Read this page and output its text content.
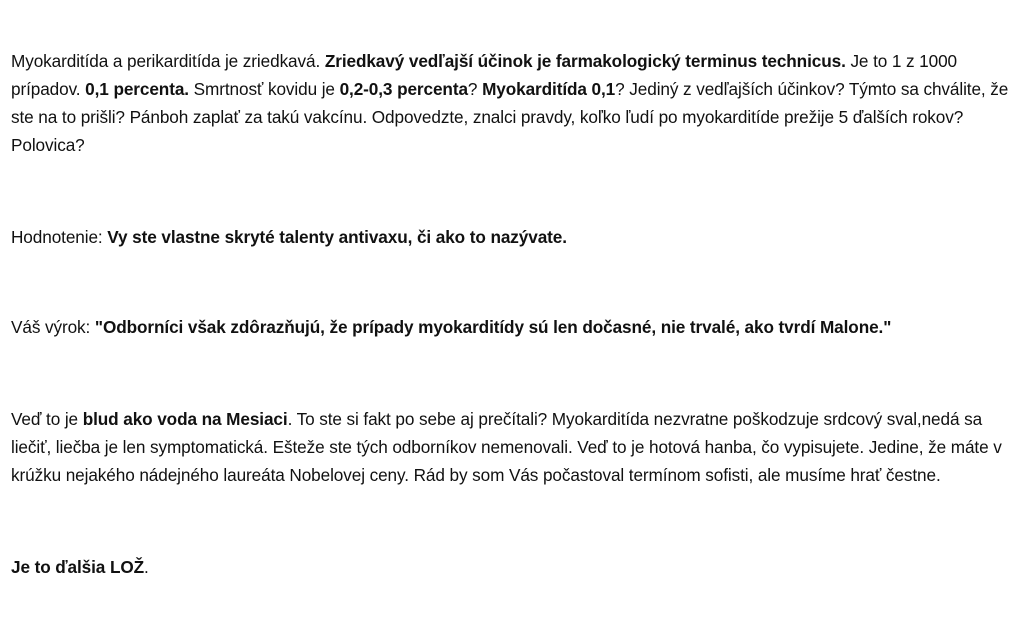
Myokarditída a perikarditída je zriedkavá. Zriedkavý vedľajší účinok je farmakologický terminus technicus. Je to 1 z 1000 prípadov. 0,1 percenta. Smrtnosť kovidu je 0,2-0,3 percenta? Myokarditída 0,1? Jediný z vedľajších účinkov? Týmto sa chválite, že ste na to prišli? Pánboh zaplať za takú vakcínu. Odpovedzte, znalci pravdy, koľko ľudí po myokarditíde prežije 5 ďalších rokov? Polovica?

Hodnotenie: Vy ste vlastne skryté talenty antivaxu, či ako to nazývate.

Váš výrok: "Odborníci však zdôrazňujú, že prípady myokarditídy sú len dočasné, nie trvalé, ako tvrdí Malone."

Veď to je blud ako voda na Mesiaci. To ste si fakt po sebe aj prečítali? Myokarditída nezvratne poškodzuje srdcový sval,nedá sa liečiť, liečba je len symptomatická. Ešteže ste tých odborníkov nemenovali. Veď to je hotová hanba, čo vypisujete. Jedine, že máte v krúžku nejakého nádejného laureáta Nobelovej ceny. Rád by som Vás počastoval termínom sofisti, ale musíme hrať čestne.

Je to ďalšia LOŽ.
